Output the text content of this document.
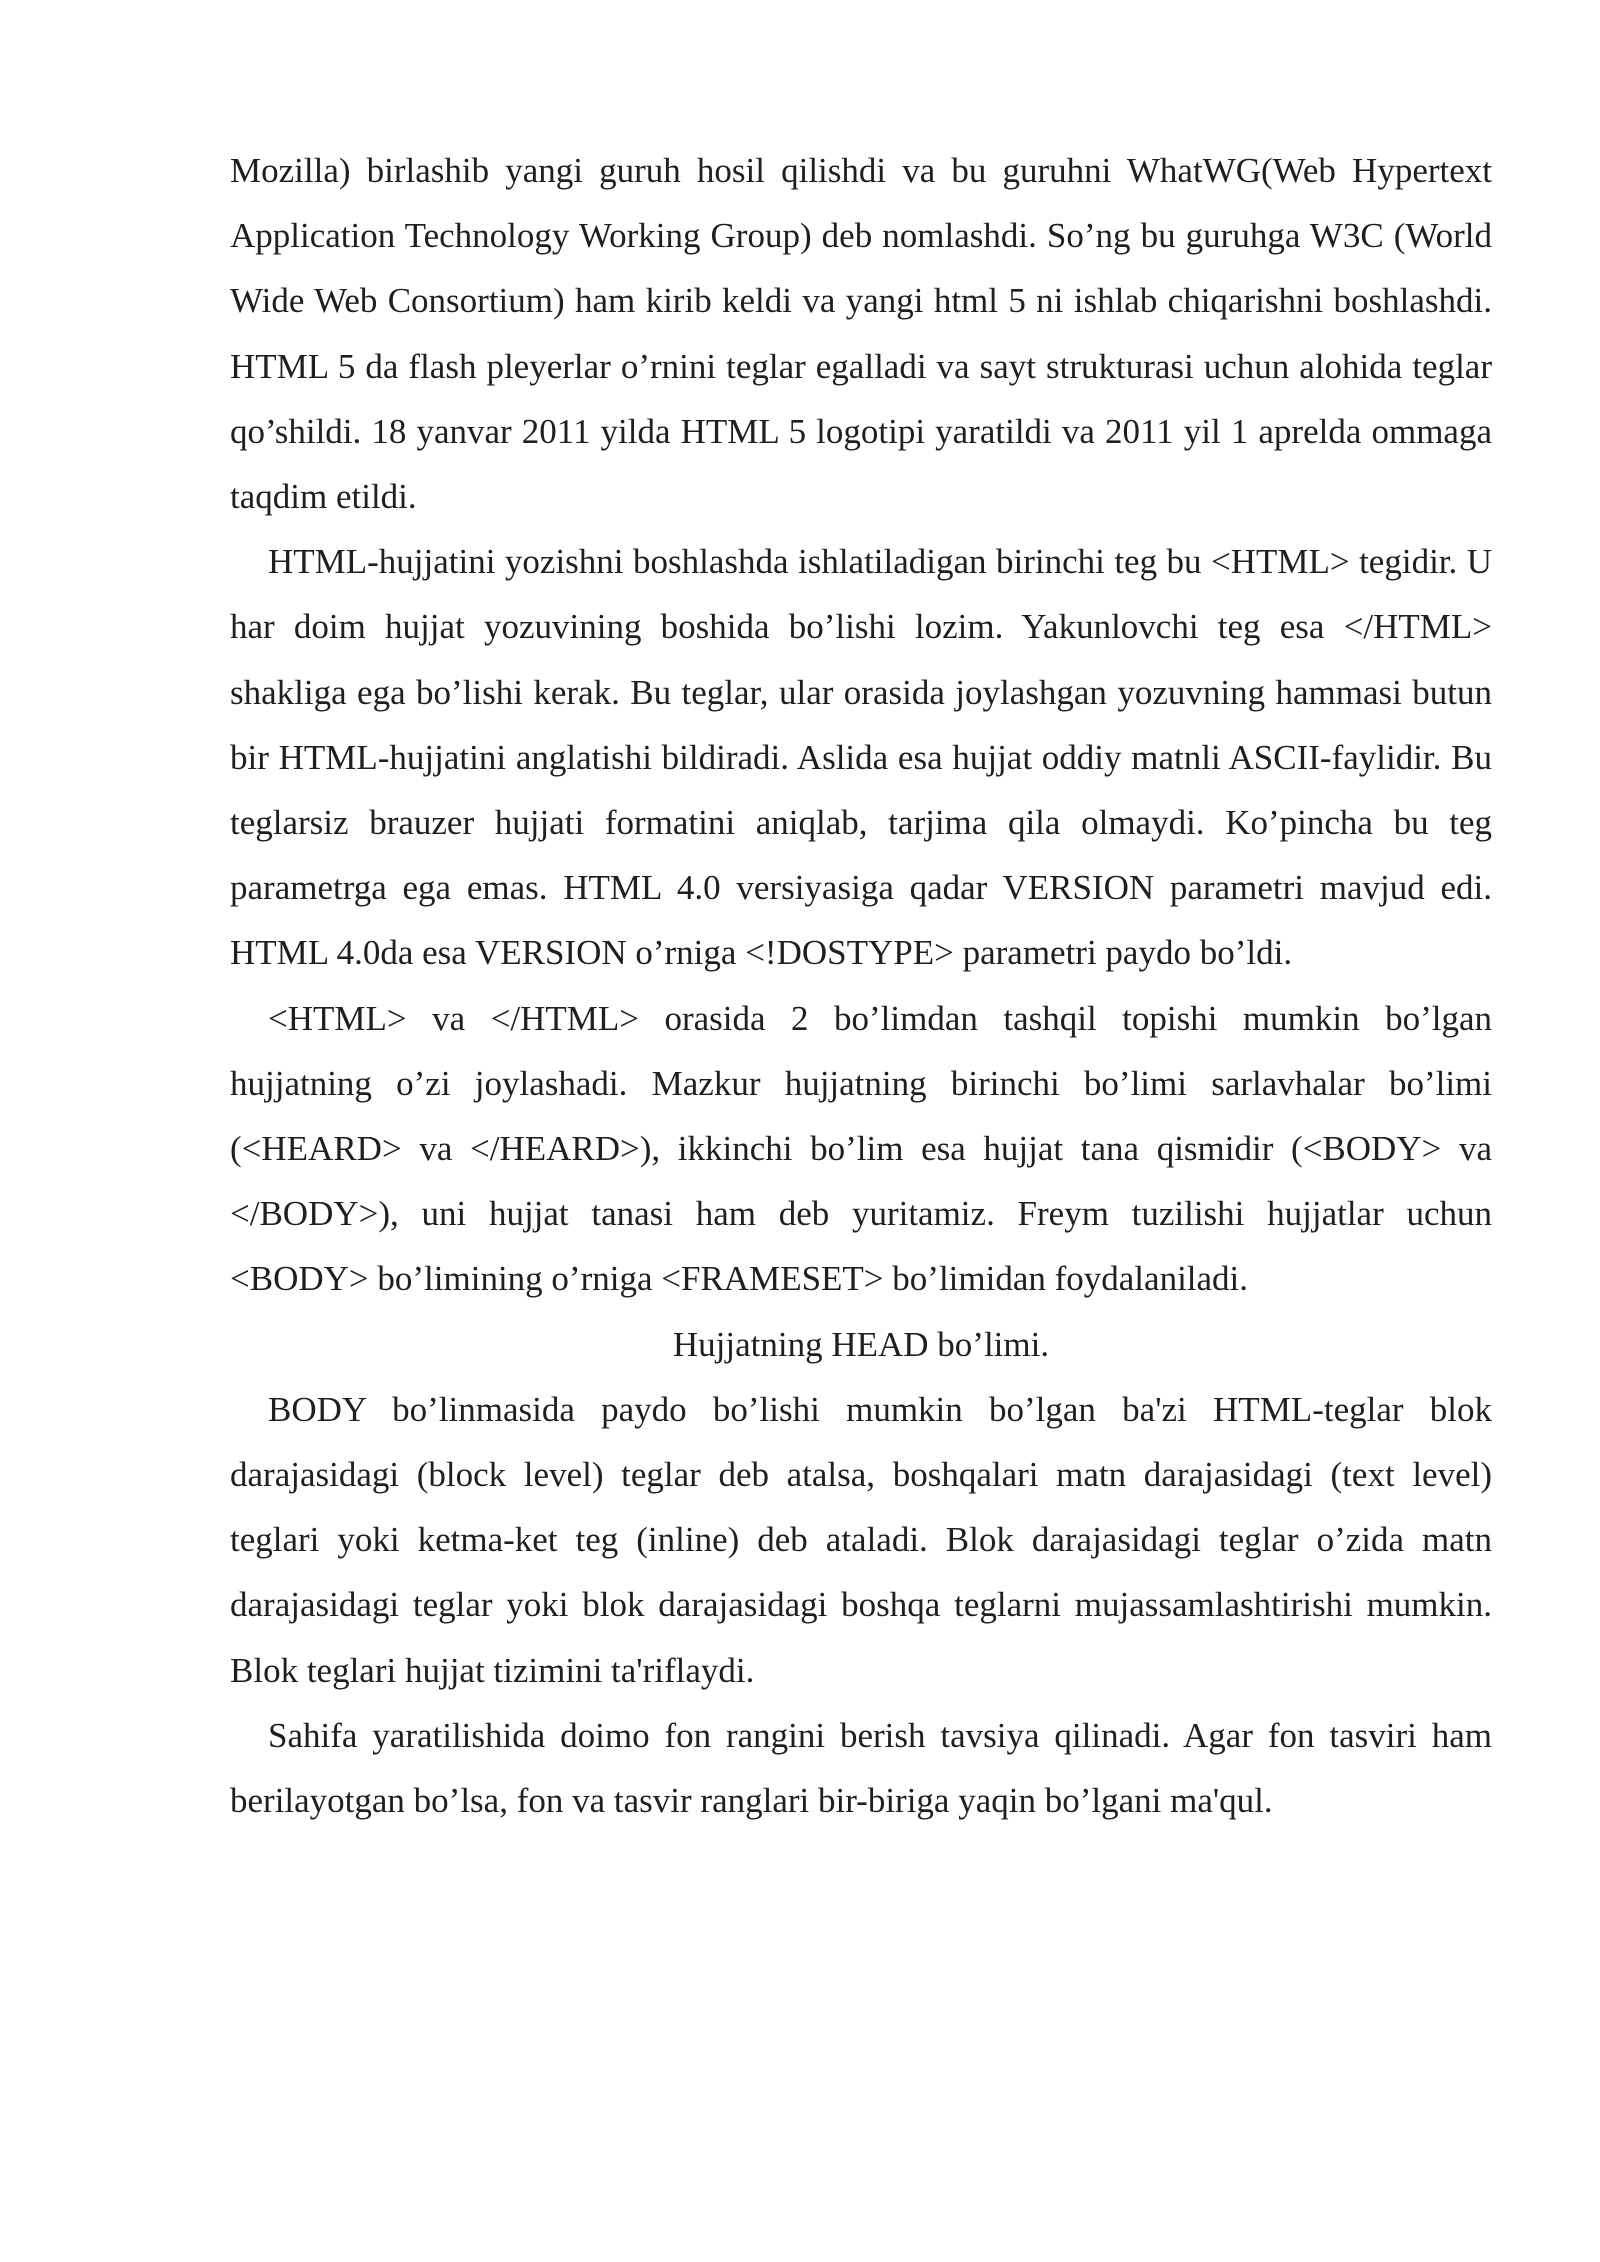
Mozilla) birlashib yangi guruh hosil qilishdi va bu guruhni WhatWG(Web Hypertext Application Technology Working Group) deb nomlashdi. So’ng bu guruhga W3C (World Wide Web Consortium) ham kirib keldi va yangi html 5 ni ishlab chiqarishni boshlashdi. HTML 5 da flash pleyerlar o’rnini teglar egalladi va sayt strukturasi uchun alohida teglar qo’shildi. 18 yanvar 2011 yilda HTML 5 logotipi yaratildi va 2011 yil 1 aprelda ommaga taqdim etildi.

HTML-hujjatini yozishni boshlashda ishlatiladigan birinchi teg bu <HTML> tegidir. U har doim hujjat yozuvining boshida bo’lishi lozim. Yakunlovchi teg esa </HTML> shakliga ega bo’lishi kerak. Bu teglar, ular orasida joylashgan yozuvning hammasi butun bir HTML-hujjatini anglatishi bildiradi. Aslida esa hujjat oddiy matnli ASCII-faylidir. Bu teglarsiz brauzer hujjati formatini aniqlab, tarjima qila olmaydi. Ko’pincha bu teg parametrga ega emas. HTML 4.0 versiyasiga qadar VERSION parametri mavjud edi. HTML 4.0da esa VERSION o’rniga <!DOSTYPE> parametri paydo bo’ldi.

<HTML> va </HTML> orasida 2 bo’limdan tashqil topishi mumkin bo’lgan hujjatning o’zi joylashadi. Mazkur hujjatning birinchi bo’limi sarlavhalar bo’limi (<HEARD> va </HEARD>), ikkinchi bo’lim esa hujjat tana qismidir (<BODY> va </BODY>), uni hujjat tanasi ham deb yuritamiz. Freym tuzilishi hujjatlar uchun <BODY> bo’limining o’rniga <FRAMESET> bo’limidan foydalaniladi.

Hujjatning HEAD bo’limi.

BODY bo’linmasida paydo bo’lishi mumkin bo’lgan ba'zi HTML-teglar blok darajasidagi (block level) teglar deb atalsa, boshqalari matn darajasidagi (text level) teglari yoki ketma-ket teg (inline) deb ataladi. Blok darajasidagi teglar o’zida matn darajasidagi teglar yoki blok darajasidagi boshqa teglarni mujassamlashtirishi mumkin. Blok teglari hujjat tizimini ta'riflaydi.

Sahifa yaratilishida doimo fon rangini berish tavsiya qilinadi. Agar fon tasviri ham berilayotgan bo’lsa, fon va tasvir ranglari bir-biriga yaqin bo’lgani ma'qul.
